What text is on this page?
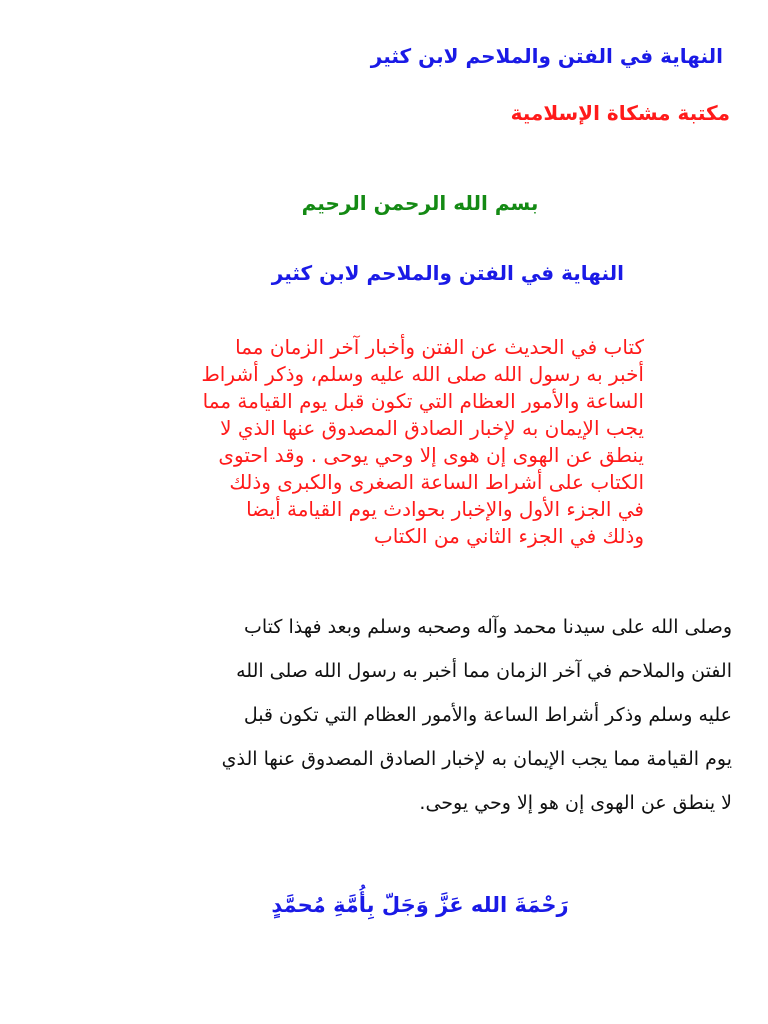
النهاية في الفتن والملاحم لابن كثير
مكتبة مشكاة الإسلامية
بسم الله الرحمن الرحيم
النهاية في الفتن والملاحم لابن كثير
كتاب في الحديث عن الفتن وأخبار آخر الزمان مما
أخبر به رسول الله صلى الله عليه وسلم، وذكر أشراط
الساعة والأمور العظام التي تكون قبل يوم القيامة مما
يجب الإيمان به لإخبار الصادق المصدوق عنها الذي لا
ينطق عن الهوى إن هوى إلا وحي يوحى . وقد احتوى
الكتاب على أشراط الساعة الصغرى والكبرى وذلك
في الجزء الأول والإخبار بحوادث يوم القيامة أيضا
وذلك في الجزء الثاني من الكتاب
وصلى الله على سيدنا محمد وآله وصحبه وسلم وبعد فهذا كتاب
الفتن والملاحم في آخر الزمان مما أخبر به رسول الله صلى الله
عليه وسلم وذكر أشراط الساعة والأمور العظام التي تكون قبل
يوم القيامة مما يجب الإيمان به لإخبار الصادق المصدوق عنها الذي
لا ينطق عن الهوى إن هو إلا وحي يوحى.
رَحْمَةَ الله عَزَّ وَجَلّ بِأُمَّةِ مُحمَّدٍ
